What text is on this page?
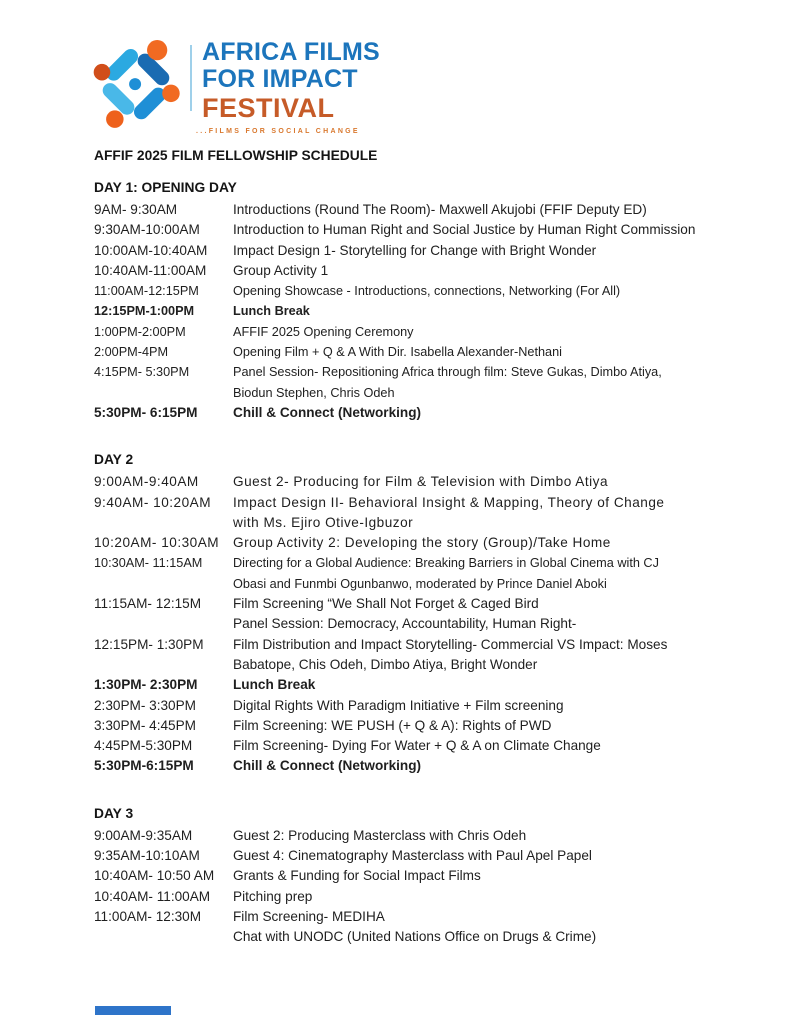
AFRICA FILMS
FOR IMPACT
FESTIVAL
...FILMS FOR SOCIAL CHANGE
AFFIF 2025 FILM FELLOWSHIP SCHEDULE
DAY 1: OPENING DAY
9AM- 9:30AM	Introductions (Round The Room)- Maxwell Akujobi (FFIF Deputy ED)
9:30AM-10:00AM	Introduction to Human Right and Social Justice by Human Right Commission
10:00AM-10:40AM	Impact Design 1- Storytelling for Change with Bright Wonder
10:40AM-11:00AM	Group Activity 1
11:00AM-12:15PM	Opening Showcase - Introductions, connections, Networking (For All)
12:15PM-1:00PM	Lunch Break
1:00PM-2:00PM	AFFIF 2025 Opening Ceremony
2:00PM-4PM	Opening Film + Q & A With Dir. Isabella Alexander-Nethani
4:15PM- 5:30PM	Panel Session- Repositioning Africa through film: Steve Gukas, Dimbo Atiya,
Biodun Stephen, Chris Odeh
5:30PM- 6:15PM	Chill & Connect (Networking)
DAY 2
9:00AM-9:40AM	Guest 2- Producing for Film & Television with Dimbo Atiya
9:40AM- 10:20AM	Impact Design II- Behavioral Insight & Mapping, Theory of Change
with Ms. Ejiro Otive-Igbuzor
10:20AM- 10:30AM	Group Activity 2: Developing the story (Group)/Take Home
10:30AM- 11:15AM	Directing for a Global Audience: Breaking Barriers in Global Cinema with CJ
Obasi and Funmbi Ogunbanwo, moderated by Prince Daniel Aboki
11:15AM- 12:15M	Film Screening “We Shall Not Forget & Caged Bird
Panel Session: Democracy, Accountability, Human Right-
12:15PM- 1:30PM	Film Distribution and Impact Storytelling- Commercial VS Impact: Moses
Babatope, Chis Odeh, Dimbo Atiya, Bright Wonder
1:30PM- 2:30PM	Lunch Break
2:30PM- 3:30PM	Digital Rights With Paradigm Initiative + Film screening
3:30PM- 4:45PM	Film Screening: WE PUSH (+ Q & A): Rights of PWD
4:45PM-5:30PM	Film Screening- Dying For Water + Q & A on Climate Change
5:30PM-6:15PM	Chill & Connect (Networking)
DAY 3
9:00AM-9:35AM	Guest 2: Producing Masterclass with Chris Odeh
9:35AM-10:10AM	Guest 4: Cinematography Masterclass with Paul Apel Papel
10:40AM- 10:50 AM	Grants & Funding for Social Impact Films
10:40AM- 11:00AM	Pitching prep
11:00AM- 12:30M	Film Screening- MEDIHA
Chat with UNODC (United Nations Office on Drugs & Crime)
